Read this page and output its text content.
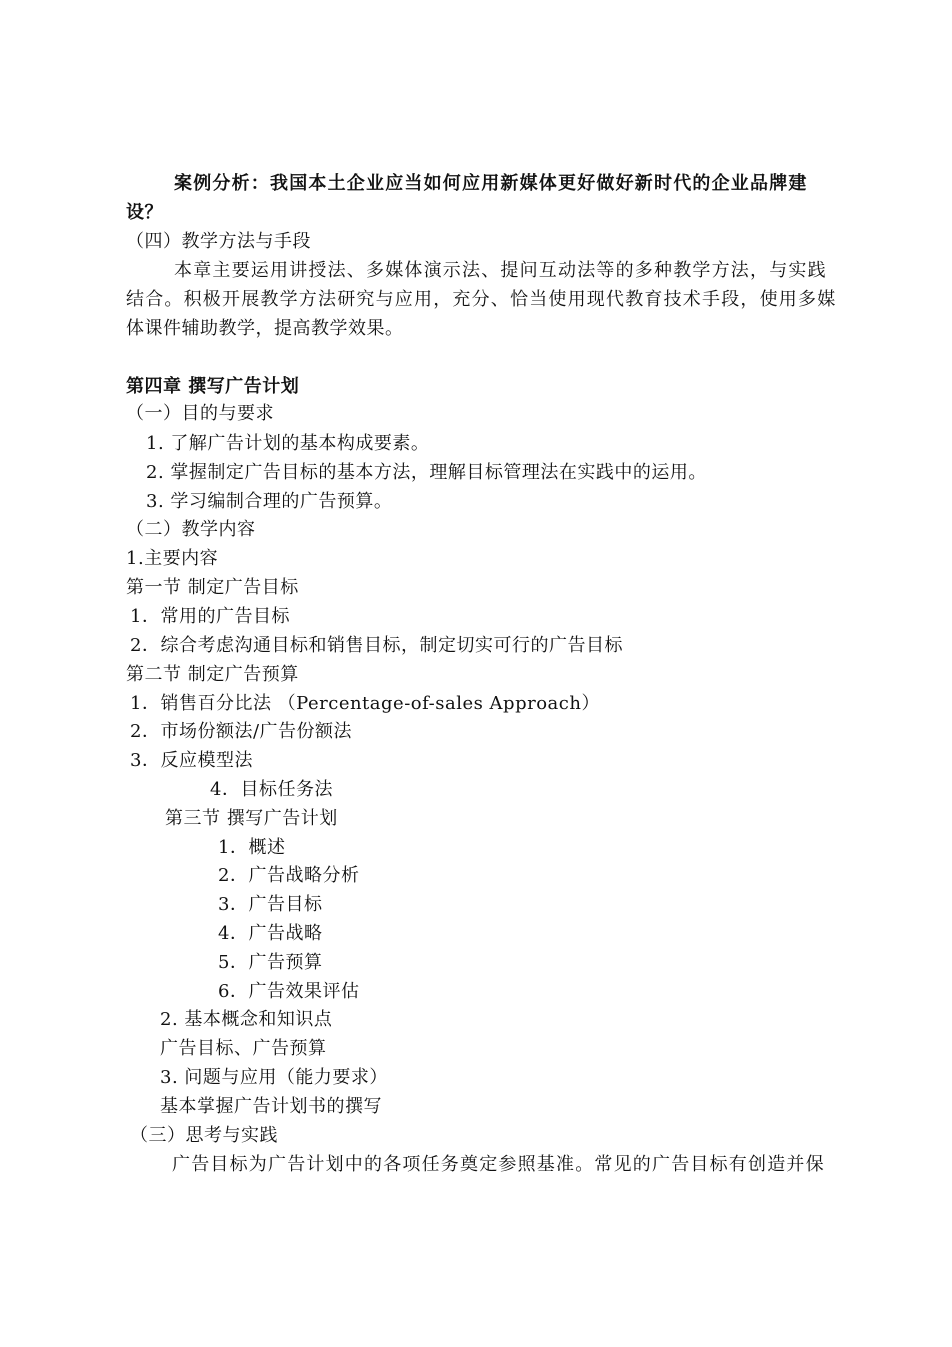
案例分析：我国本土企业应当如何应用新媒体更好做好新时代的企业品牌建
设？
（四）教学方法与手段
本章主要运用讲授法、多媒体演示法、提问互动法等的多种教学方法，与实践
结合。积极开展教学方法研究与应用，充分、恰当使用现代教育技术手段，使用多媒
体课件辅助教学，提高教学效果。
第四章 撰写广告计划
（一）目的与要求
1. 了解广告计划的基本构成要素。
2. 掌握制定广告目标的基本方法，理解目标管理法在实践中的运用。
3. 学习编制合理的广告预算。
（二）教学内容
1.主要内容
第一节 制定广告目标
1．常用的广告目标
2．综合考虑沟通目标和销售目标，制定切实可行的广告目标
第二节 制定广告预算
1．销售百分比法 （Percentage-of-sales Approach）
2．市场份额法/广告份额法
3．反应模型法
4．目标任务法
第三节 撰写广告计划
1．概述
2．广告战略分析
3．广告目标
4．广告战略
5．广告预算
6．广告效果评估
2. 基本概念和知识点
广告目标、广告预算
3. 问题与应用（能力要求）
基本掌握广告计划书的撰写
（三）思考与实践
广告目标为广告计划中的各项任务奠定参照基准。常见的广告目标有创造并保
